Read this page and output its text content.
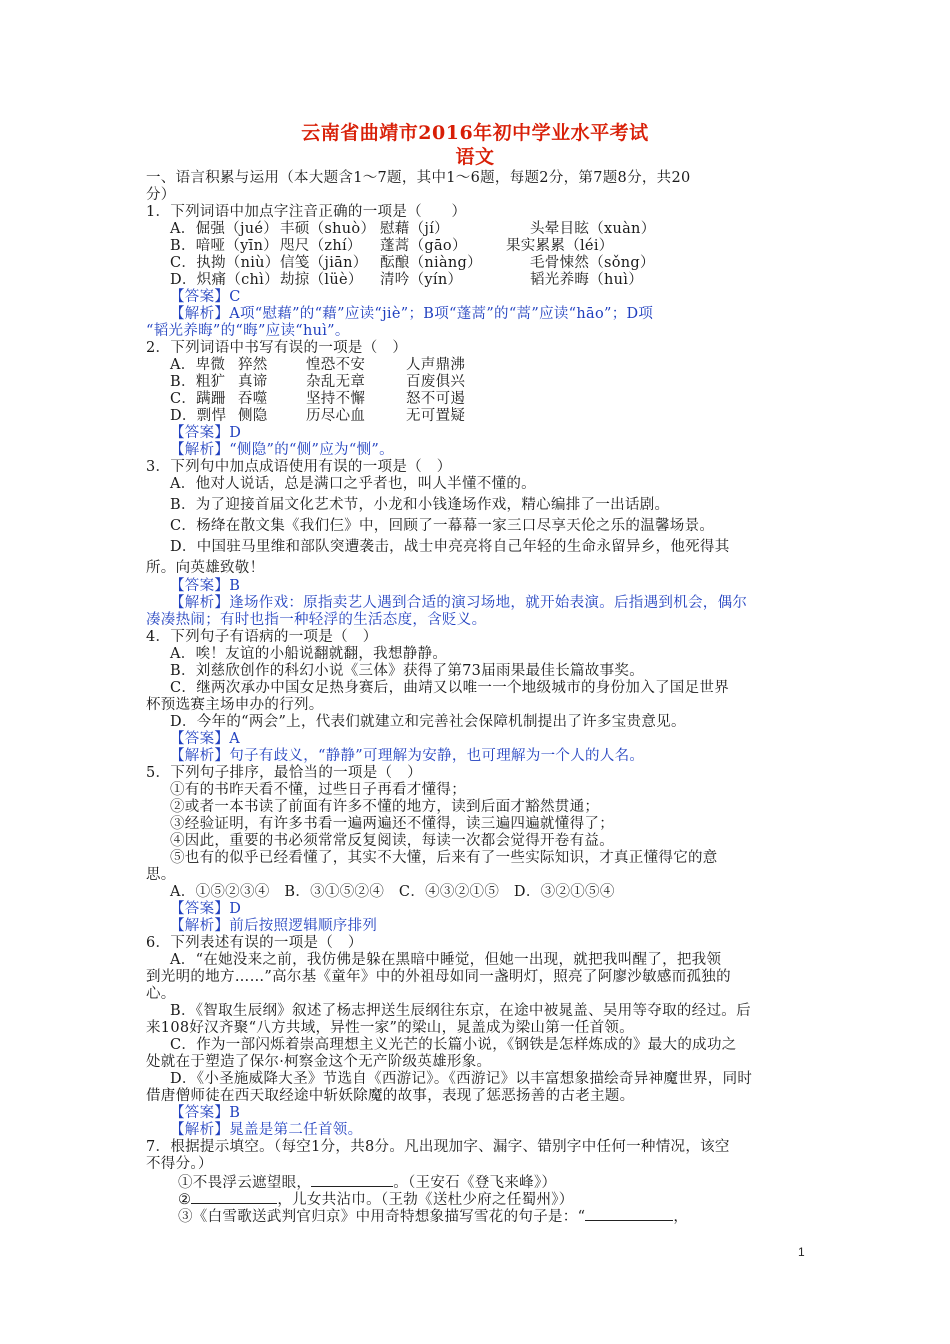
云南省曲靖市2016年初中学业水平考试
语文
一、语言积累与运用（本大题含1～7题，其中1～6题，每题2分，第7题8分，共20
分）
1．下列词语中加点字注音正确的一项是（　　）
A．倔强（jué） 丰硕（shuò） 慰藉（jí）	头晕目眩（xuàn）
B．喑哑（yīn） 咫尺（zhí） 蓬蒿（gāo）	果实累累（léi）
C．执拗（niù）信笺（jiān） 酝酿（niàng）	毛骨悚然（sǒng）
D．炽痛（chì）劫掠（lüè） 清吟（yín）	韬光养晦（huì）
【答案】C
【解析】A项“慰藉”的“藉”应读“jiè”；B项“蓬蒿”的“蒿”应读“hāo”；D项
“韬光养晦”的“晦”应读“huì”。
2．下列词语中书写有误的一项是（　）
A．卑微 猝然	惶恐不安	人声鼎沸
B．粗犷 真谛	杂乱无章	百废俱兴
C．蹒跚 吞噬	坚持不懈	怒不可遏
D．剽悍 侧隐	历尽心血	无可置疑
【答案】D
【解析】“侧隐”的“侧”应为“恻”。
3．下列句中加点成语使用有误的一项是（　）
A．他对人说话，总是满口之乎者也，叫人半懂不懂的。
B．为了迎接首届文化艺术节，小龙和小钱逢场作戏，精心编排了一出话剧。
C．杨绛在散文集《我们仨》中，回顾了一幕幕一家三口尽享天伦之乐的温馨场景。
D．中国驻马里维和部队突遭袭击，战士申亮亮将自己年轻的生命永留异乡，他死得其
所。向英雄致敬！
【答案】B
【解析】逢场作戏：原指卖艺人遇到合适的演习场地，就开始表演。后指遇到机会，偶尔
凑凑热闹；有时也指一种轻浮的生活态度，含贬义。
4．下列句子有语病的一项是（　）
A．唉！友谊的小船说翻就翻，我想静静。
B．刘慈欣创作的科幻小说《三体》获得了第73届雨果最佳长篇故事奖。
C．继两次承办中国女足热身赛后，曲靖又以唯一一个地级城市的身份加入了国足世界
杯预选赛主场申办的行列。
D．今年的“两会”上，代表们就建立和完善社会保障机制提出了许多宝贵意见。
【答案】A
【解析】句子有歧义，“静静”可理解为安静，也可理解为一个人的人名。
5．下列句子排序，最恰当的一项是（　）
①有的书昨天看不懂，过些日子再看才懂得；
②或者一本书读了前面有许多不懂的地方，读到后面才豁然贯通；
③经验证明，有许多书看一遍两遍还不懂得，读三遍四遍就懂得了；
④因此，重要的书必须常常反复阅读，每读一次都会觉得开卷有益。
⑤也有的似乎已经看懂了，其实不大懂，后来有了一些实际知识，才真正懂得它的意
思。
A．①⑤②③④　B．③①⑤②④　C．④③②①⑤　D．③②①⑤④
【答案】D
【解析】前后按照逻辑顺序排列
6．下列表述有误的一项是（　）
A．“在她没来之前，我仿佛是躲在黑暗中睡觉，但她一出现，就把我叫醒了，把我领
到光明的地方……”高尔基《童年》中的外祖母如同一盏明灯，照亮了阿廖沙敏感而孤独的
心。
B．《智取生辰纲》叙述了杨志押送生辰纲往东京，在途中被晁盖、吴用等夺取的经过。后
来108好汉齐聚“八方共域，异性一家”的梁山，晁盖成为梁山第一任首领。
C．作为一部闪烁着崇高理想主义光芒的长篇小说，《钢铁是怎样炼成的》最大的成功之
处就在于塑造了保尔·柯察金这个无产阶级英雄形象。
D．《小圣施威降大圣》节选自《西游记》。《西游记》以丰富想象描绘奇异神魔世界，同时
借唐僧师徒在西天取经途中斩妖除魔的故事，表现了惩恶扬善的古老主题。
【答案】B
【解析】晁盖是第二任首领。
7．根据提示填空。（每空1分，共8分。凡出现加字、漏字、错别字中任何一种情况，该空
不得分。）
①不畏浮云遮望眼，	。（王安石《登飞来峰》）
②	，儿女共沾巾。（王勃《送杜少府之任蜀州》）
③《白雪歌送武判官归京》中用奇特想象描写雪花的句子是：“	，
1
